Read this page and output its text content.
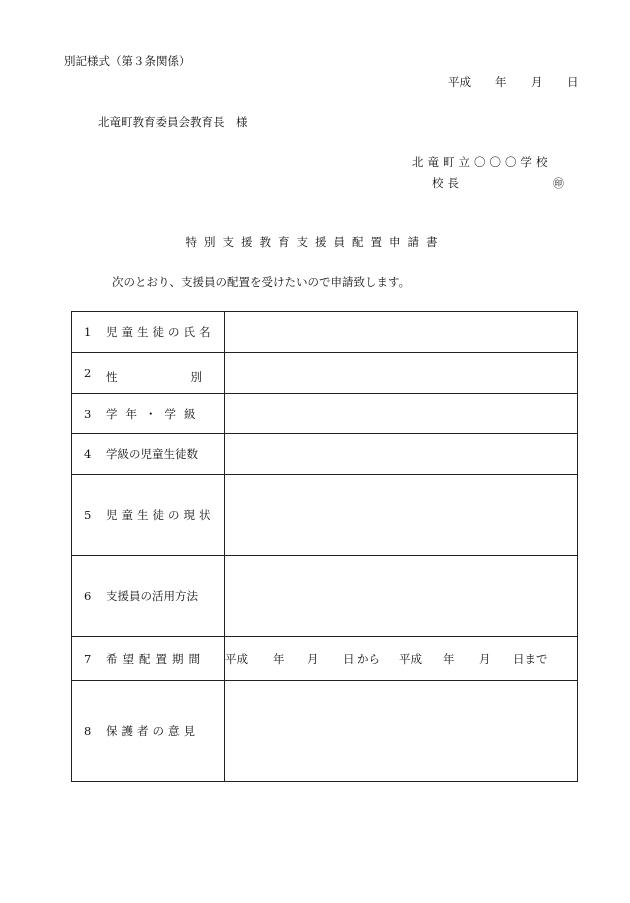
別記様式（第３条関係）
平成 年 月 日
北竜町教育委員会教育長　様
北竜町立〇〇〇学校
校長	㊞
特別支援教育支援員配置申請書
次のとおり、支援員の配置を受けたいので申請致します。
1 児童生徒の氏名	
2 性 別	

3 学年・学級	
4 学級の児童生徒数	
5 児童生徒の現状	
6 支援員の活用方法	
7 希望配置期間	平成 年 月 日 から 平成 年 月 日まで
8 保護者の意見	
